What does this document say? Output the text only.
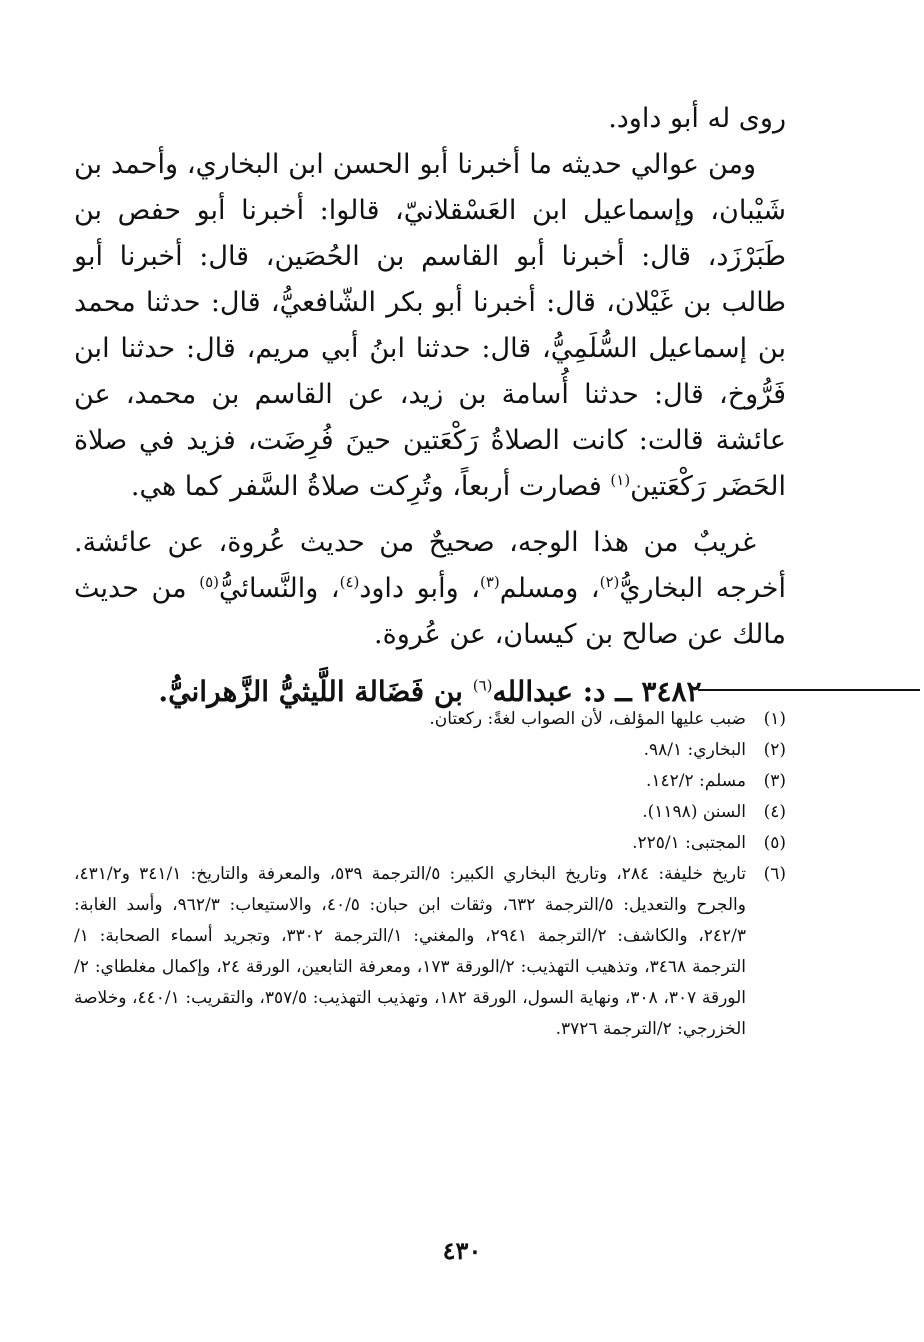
روى له أبو داود.

ومن عوالي حديثه ما أخبرنا أبو الحسن ابن البخاري، وأحمد بن شَيْبان، وإسماعيل ابن العَسْقلانيّ، قالوا: أخبرنا أبو حفص بن طَبَرْزَد، قال: أخبرنا أبو القاسم بن الحُصَين، قال: أخبرنا أبو طالب بن غَيْلان، قال: أخبرنا أبو بكر الشّافعيُّ، قال: حدثنا محمد بن إسماعيل السُّلَمِيُّ، قال: حدثنا ابنُ أبي مريم، قال: حدثنا ابن فَرُّوخ، قال: حدثنا أُسامة بن زيد، عن القاسم بن محمد، عن عائشة قالت: كانت الصلاةُ رَكْعَتين حينَ فُرِضَت، فزيد في صلاة الحَضَر رَكْعَتين$^{(١)}$ فصارت أربعاً، وتُرِكت صلاةُ السَّفر كما هي.

غريبٌ من هذا الوجه، صحيحٌ من حديث عُروة، عن عائشة. أخرجه البخاريُّ$^{(٢)}$، ومسلم$^{(٣)}$، وأبو داود$^{(٤)}$، والنَّسائيُّ$^{(٥)}$ من حديث مالك عن صالح بن كيسان، عن عُروة.

٣٤٨٢ ــ د: عبدالله$^{(٦)}$ بن فَضَالة اللَّيثيُّ الزَّهرانيُّ.
(١)
ضبب عليها المؤلف، لأن الصواب لغةً: ركعتان.
(٢)
البخاري: ٩٨/١.
(٣)
مسلم: ١٤٢/٢.
(٤)
السنن (١١٩٨).
(٥)
المجتبى: ٢٢٥/١.
(٦)
تاريخ خليفة: ٢٨٤، وتاريخ البخاري الكبير: ٥/الترجمة ٥٣٩، والمعرفة والتاريخ: ٣٤١/١ و٤٣١/٢، والجرح والتعديل: ٥/الترجمة ٦٣٢، وثقات ابن حبان: ٤٠/٥، والاستيعاب: ٩٦٢/٣، وأسد الغابة: ٢٤٢/٣، والكاشف: ٢/الترجمة ٢٩٤١، والمغني: ١/الترجمة ٣٣٠٢، وتجريد أسماء الصحابة: ١/الترجمة ٣٤٦٨، وتذهيب التهذيب: ٢/الورقة ١٧٣، ومعرفة التابعين، الورقة ٢٤، وإكمال مغلطاي: ٢/الورقة ٣٠٧، ٣٠٨، ونهاية السول، الورقة ١٨٢، وتهذيب التهذيب: ٣٥٧/٥، والتقريب: ٤٤٠/١، وخلاصة الخزرجي: ٢/الترجمة ٣٧٢٦.
٤٣٠
